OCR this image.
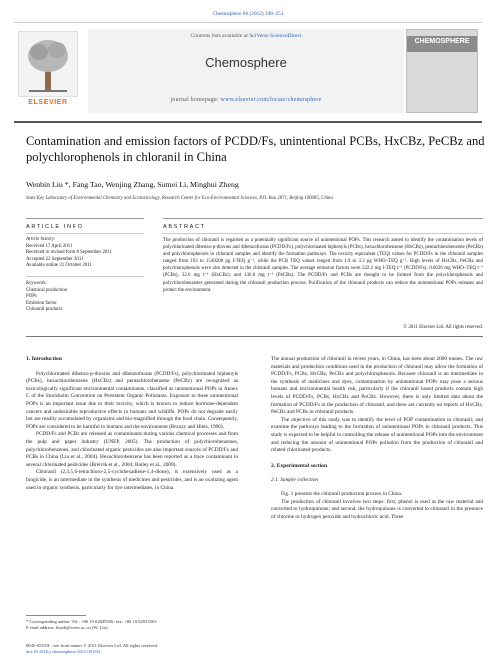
Chemosphere 86 (2012) 248–251
ELSEVIER
Contents lists available at SciVerse ScienceDirect
Chemosphere
journal homepage: www.elsevier.com/locate/chemosphere
CHEMOSPHERE
Contamination and emission factors of PCDD/Fs, unintentional PCBs, HxCBz, PeCBz and polychlorophenols in chloranil in China
Wenbin Liu *, Fang Tao, Wenjing Zhang, Sumei Li, Minghui Zheng
State Key Laboratory of Environmental Chemistry and Ecotoxicology, Research Center for Eco-Environmental Sciences, P.O. Box 2871, Beijing 100085, China
ARTICLE INFO	ABSTRACT
Article history:
Received 17 April 2011
Received in revised form 8 September 2011
Accepted 22 September 2011
Available online 21 October 2011
Keywords:
Chemical production
POPs
Emission factor
Chloranil products
The production of chloranil is regarded as a potentially significant source of unintentional POPs. This research aimed to identify the contamination levels of polychlorinated dibenzo-p-dioxins and dibenzofurans (PCDD/Fs), polychlorinated biphenyls (PCBs), hexachlorobenzene (HxCBz), pentachlorobenzene (PeCBz) and polychlorophenols in chloranil samples and identify the formation pathways. The toxicity equivalent (TEQ) values for PCDD/Fs in the chloranil samples ranged from 163 to 1540200 pg I-TEQ g⁻¹, while the PCB TEQ values ranged from 1.9 to 3.3 pg WHO–TEQ g⁻¹. High levels of HxCBz, PeCBz and polychlorophenols were also detected in the chloranil samples. The average emission factors were 522.2 mg I-TEQ t⁻¹ (PCDD/Fs), 0.0026 mg WHO–TEQ t⁻¹ (PCBs), 32.6 mg t⁻¹ (HxCBz), and 136.6 mg t⁻¹ (PeCBz). The PCDD/Fs and PCBs are thought to be formed from the polychlorophenols and polychlorobenzenes generated during the chloranil production process. Purification of the chloranil products can reduce the unintentional POPs releases and protect the environment.
© 2011 Elsevier Ltd. All rights reserved.

1. Introduction

Polychlorinated dibenzo-p-dioxins and dibenzofurans (PCDD/Fs), polychlorinated biphenyls (PCBs), hexachlorobenzene (HxCBz) and pentachlorobenzene (PeCBz) are recognized as toxicologically significant environmental contaminants, classified as unintentional POPs in Annex C of the Stockholm Convention on Persistent Organic Pollutants. Exposure to these unintentional POPs is an important issue due to their toxicity, which is known to induce hormone-dependent cancers and undesirable reproductive effects in humans and wildlife. POPs do not degrade easily but are readily accumulated by organisms and bio-magnified through the food chain. Consequently, POPs are considered to be harmful to humans and the environment (Brzuzy and Hites, 1996).

PCDD/Fs and PCBs are released as contaminants during various chemical processes and from the pulp and paper industry (UNEP, 2005). The production of polychlorobenzenes, polychlorobenzenes, and chlorinated organic pesticides are also important sources of PCDD/Fs and PCBs in China (Liu et al., 2004). Hexachlorobenzene has been reported as a trace contaminant in several chlorinated pesticides (Breivik et al., 2004; Bailey et al., 2009).

Chloranil (2,3,5,6-tetrachloro-2,5-cyclohexadiene-1,4-dione), is extensively used as a fungicide, is an intermediate in the synthesis of medicines and pesticides, and is an oxidizing agent used in organic synthesis, particularly for dye intermediates, in China.

The annual production of chloranil in recent years, in China, has been about 2000 tonnes. The raw materials and production conditions used in the production of chloranil may allow the formation of PCDD/Fs, PCBs, HxCBz, PeCBz and polychlorophenols. Because chloranil is an intermediate in the synthesis of medicines and dyes, contamination by unintentional POPs may pose a serious humans and environmental health risk, particularly if the chloranil based products contain high levels of PCDD/Fs, PCBs, HxCBz and PeCBz. However, there is only limited data about the formation of PCDD/Fs in the production of chloranil, and there are currently no reports of HxCBz, PeCBz and PCBs in chloranil products.

The objective of this study was to identify the level of POP contamination in chloranil; and examine the pathways leading to the formation of unintentional POPs in chloranil products. This study is expected to be helpful in controlling the release of unintentional POPs into the environment and reducing the amount of unintentional POPs pollution from the production of chloranil and related chlorinated products.

2. Experimental section

2.1. Sample collection

Fig. 1 presents the chloranil production process in China.

The production of chloranil involves two steps: first, phenol is used as the raw material and converted to hydroquinone; and second, the hydroquinone is converted to chloranil in the presence of chlorine or hydrogen peroxide and hydrochloric acid. Three

* Corresponding author. Tel.: +86 10 62849356; fax: +86 10 62923563.
E-mail address: liuwb@rcees.ac.cn (W. Liu).
0045-6535/$ - see front matter © 2011 Elsevier Ltd. All rights reserved.
doi:10.1016/j.chemosphere.2011.09.034
